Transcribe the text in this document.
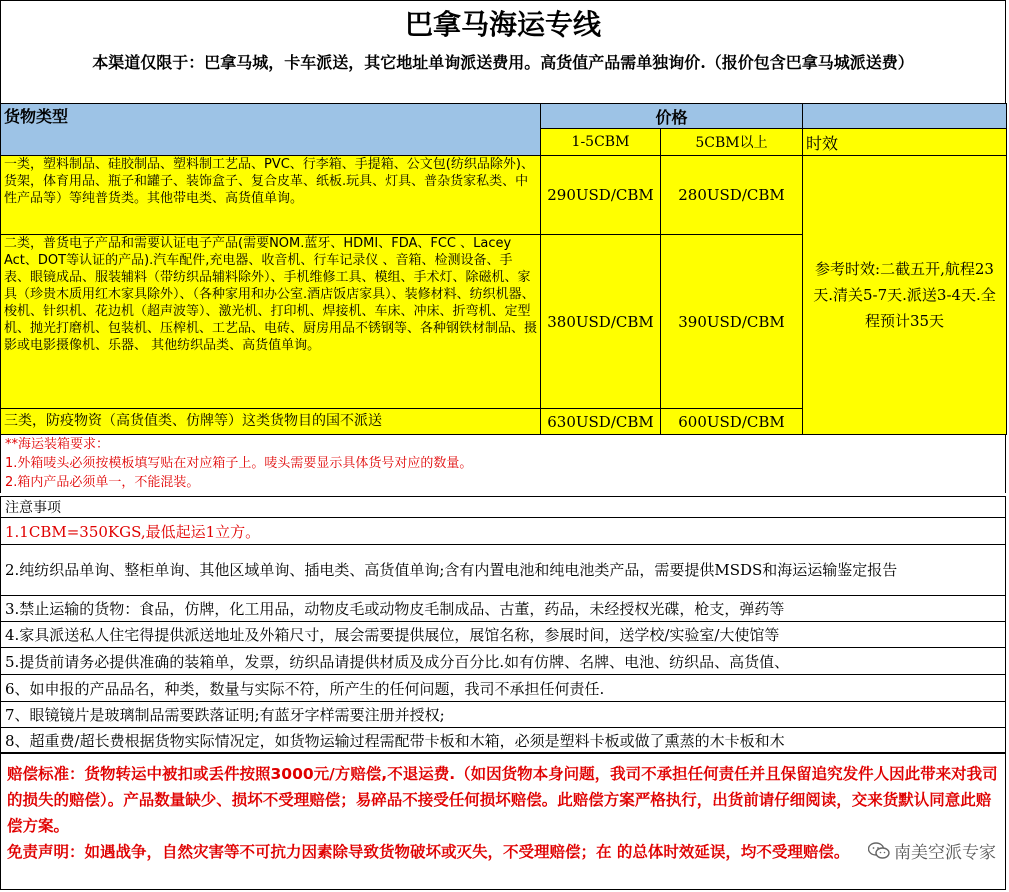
巴拿马海运专线
本渠道仅限于：巴拿马城，卡车派送，其它地址单询派送费用。高货值产品需单独询价.（报价包含巴拿马城派送费）
货物类型	价格		
	1-5CBM	5CBM以上	时效
一类，塑料制品、硅胶制品、塑料制工艺品、PVC、行李箱、手提箱、公文包(纺织品除外)、货架，体育用品、瓶子和罐子、装饰盒子、复合皮革、纸板.玩具、灯具、普杂货家私类、中性产品等）等纯普货类。其他带电类、高货值单询。	290USD/CBM	280USD/CBM	参考时效:二截五开,航程23天.清关5-7天.派送3-4天.全程预计35天
二类，普货电子产品和需要认证电子产品(需要NOM.蓝牙、HDMI、FDA、FCC 、Lacey Act、DOT等认证的产品).汽车配件,充电器、收音机、行车记录仪 、音箱、检测设备、手表、眼镜成品、服装辅料（带纺织品辅料除外）、手机维修工具、模组、手术灯、除磁机、家具（珍贵木质用红木家具除外）、（各种家用和办公室.酒店饭店家具）、装修材料、纺织机器、梭机、针织机、花边机（超声波等）、激光机、打印机、焊接机、车床、冲床、折弯机、定型机、抛光打磨机、包装机、压榨机、工艺品、电砖、厨房用品不锈钢等、各种钢铁材制品、摄影或电影摄像机、乐器、 其他纺织品类、高货值单询。	380USD/CBM	390USD/CBM	
三类，防疫物资（高货值类、仿牌等）这类货物目的国不派送	630USD/CBM	600USD/CBM	
**海运装箱要求：
1.外箱唛头必须按模板填写贴在对应箱子上。唛头需要显示具体货号对应的数量。
2.箱内产品必须单一，不能混装。
注意事项
1.1CBM=350KGS,最低起运1立方。
2.纯纺织品单询、整柜单询、其他区域单询、插电类、高货值单询;含有内置电池和纯电池类产品，需要提供MSDS和海运运输鉴定报告
3.禁止运输的货物：食品，仿牌，化工用品，动物皮毛或动物皮毛制成品、古董，药品，未经授权光碟，枪支，弹药等
4.家具派送私人住宅得提供派送地址及外箱尺寸，展会需要提供展位，展馆名称，参展时间，送学校/实验室/大使馆等
5.提货前请务必提供准确的装箱单，发票，纺织品请提供材质及成分百分比.如有仿牌、名牌、电池、纺织品、高货值、
6、如申报的产品品名，种类，数量与实际不符，所产生的任何问题，我司不承担任何责任.
7、眼镜镜片是玻璃制品需要跌落证明;有蓝牙字样需要注册并授权;
8、超重费/超长费根据货物实际情况定，如货物运输过程需配带卡板和木箱，必须是塑料卡板或做了熏蒸的木卡板和木
赔偿标准：货物转运中被扣或丢件按照3000元/方赔偿,不退运费.（如因货物本身问题，我司不承担任何责任并且保留追究发件人因此带来对我司的损失的赔偿）。产品数量缺少、损坏不受理赔偿；易碎品不接受任何损坏赔偿。此赔偿方案严格执行，出货前请仔细阅读，交来货默认同意此赔偿方案。
免责声明：如遇战争，自然灾害等不可抗力因素除导致货物破坏或灭失，不受理赔偿；在 的总体时效延误，均不受理赔偿。	南美空派专家
